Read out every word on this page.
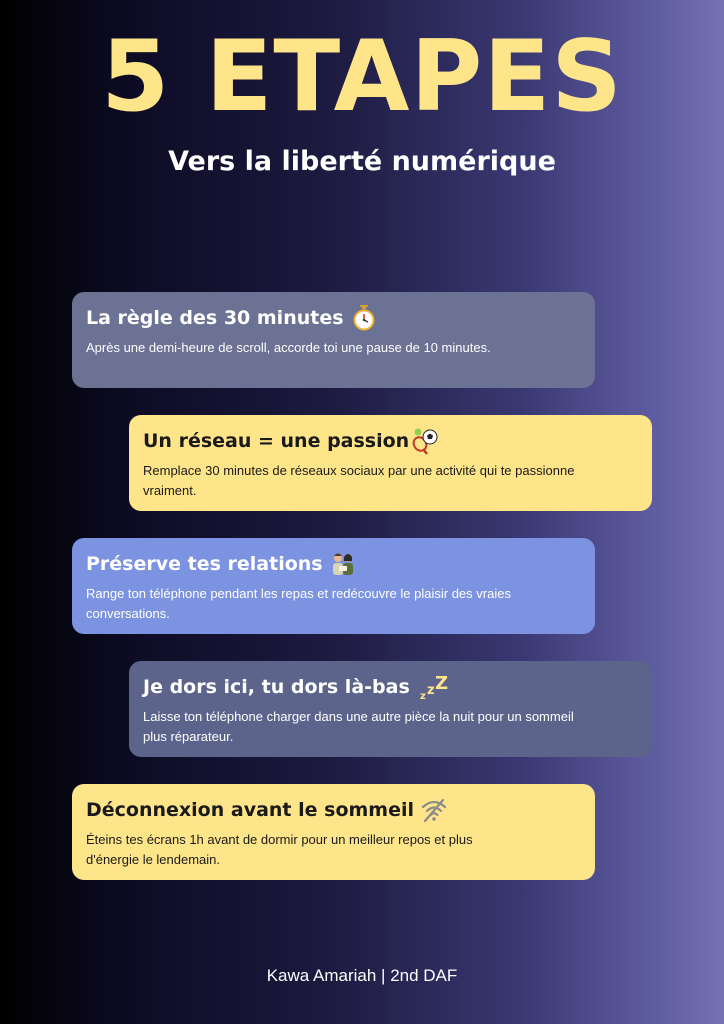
5 ETAPES
Vers la liberté numérique
La règle des 30 minutes
Après une demi-heure de scroll, accorde toi une pause de 10 minutes.
Un réseau = une passion
Remplace 30 minutes de réseaux sociaux par une activité qui te passionne vraiment.
Préserve tes relations
Range ton téléphone pendant les repas et redécouvre le plaisir des vraies conversations.
Je dors ici, tu dors là-bas z z Z
Laisse ton téléphone charger dans une autre pièce la nuit pour un sommeil plus réparateur.
Déconnexion avant le sommeil
Éteins tes écrans 1h avant de dormir pour un meilleur repos et plus d'énergie le lendemain.
Kawa Amariah | 2nd DAF
